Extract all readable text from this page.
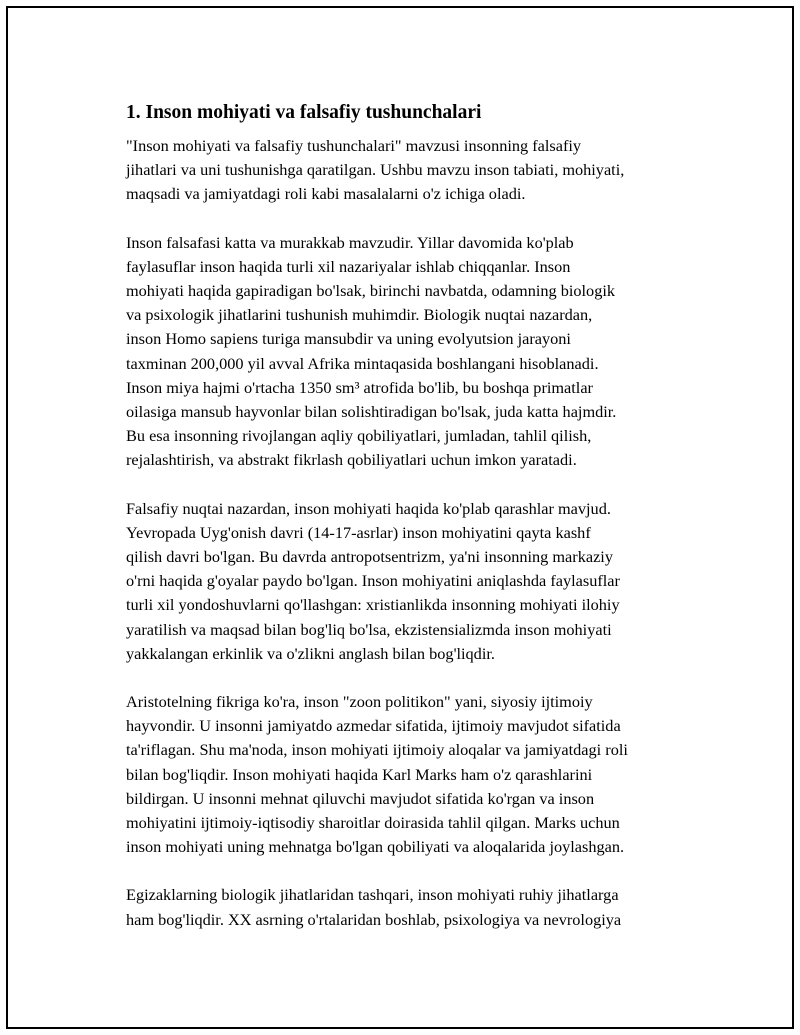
1. Inson mohiyati va falsafiy tushunchalari

"Inson mohiyati va falsafiy tushunchalari" mavzusi insonning falsafiy
jihatlari va uni tushunishga qaratilgan. Ushbu mavzu inson tabiati, mohiyati,
maqsadi va jamiyatdagi roli kabi masalalarni o'z ichiga oladi.

Inson falsafasi katta va murakkab mavzudir. Yillar davomida ko'plab
faylasuflar inson haqida turli xil nazariyalar ishlab chiqqanlar. Inson
mohiyati haqida gapiradigan bo'lsak, birinchi navbatda, odamning biologik
va psixologik jihatlarini tushunish muhimdir. Biologik nuqtai nazardan,
inson Homo sapiens turiga mansubdir va uning evolyutsion jarayoni
taxminan 200,000 yil avval Afrika mintaqasida boshlangani hisoblanadi.
Inson miya hajmi o'rtacha 1350 sm³ atrofida bo'lib, bu boshqa primatlar
oilasiga mansub hayvonlar bilan solishtiradigan bo'lsak, juda katta hajmdir.
Bu esa insonning rivojlangan aqliy qobiliyatlari, jumladan, tahlil qilish,
rejalashtirish, va abstrakt fikrlash qobiliyatlari uchun imkon yaratadi.

Falsafiy nuqtai nazardan, inson mohiyati haqida ko'plab qarashlar mavjud.
Yevropada Uyg'onish davri (14-17-asrlar) inson mohiyatini qayta kashf
qilish davri bo'lgan. Bu davrda antropotsentrizm, ya'ni insonning markaziy
o'rni haqida g'oyalar paydo bo'lgan. Inson mohiyatini aniqlashda faylasuflar
turli xil yondoshuvlarni qo'llashgan: xristianlikda insonning mohiyati ilohiy
yaratilish va maqsad bilan bog'liq bo'lsa, ekzistensializmda inson mohiyati
yakkalangan erkinlik va o'zlikni anglash bilan bog'liqdir.

Aristotelning fikriga ko'ra, inson "zoon politikon" yani, siyosiy ijtimoiy
hayvondir. U insonni jamiyatdo azmedar sifatida, ijtimoiy mavjudot sifatida
ta'riflagan. Shu ma'noda, inson mohiyati ijtimoiy aloqalar va jamiyatdagi roli
bilan bog'liqdir. Inson mohiyati haqida Karl Marks ham o'z qarashlarini
bildirgan. U insonni mehnat qiluvchi mavjudot sifatida ko'rgan va inson
mohiyatini ijtimoiy-iqtisodiy sharoitlar doirasida tahlil qilgan. Marks uchun
inson mohiyati uning mehnatga bo'lgan qobiliyati va aloqalarida joylashgan.

Egizaklarning biologik jihatlaridan tashqari, inson mohiyati ruhiy jihatlarga
ham bog'liqdir. XX asrning o'rtalaridan boshlab, psixologiya va nevrologiya
